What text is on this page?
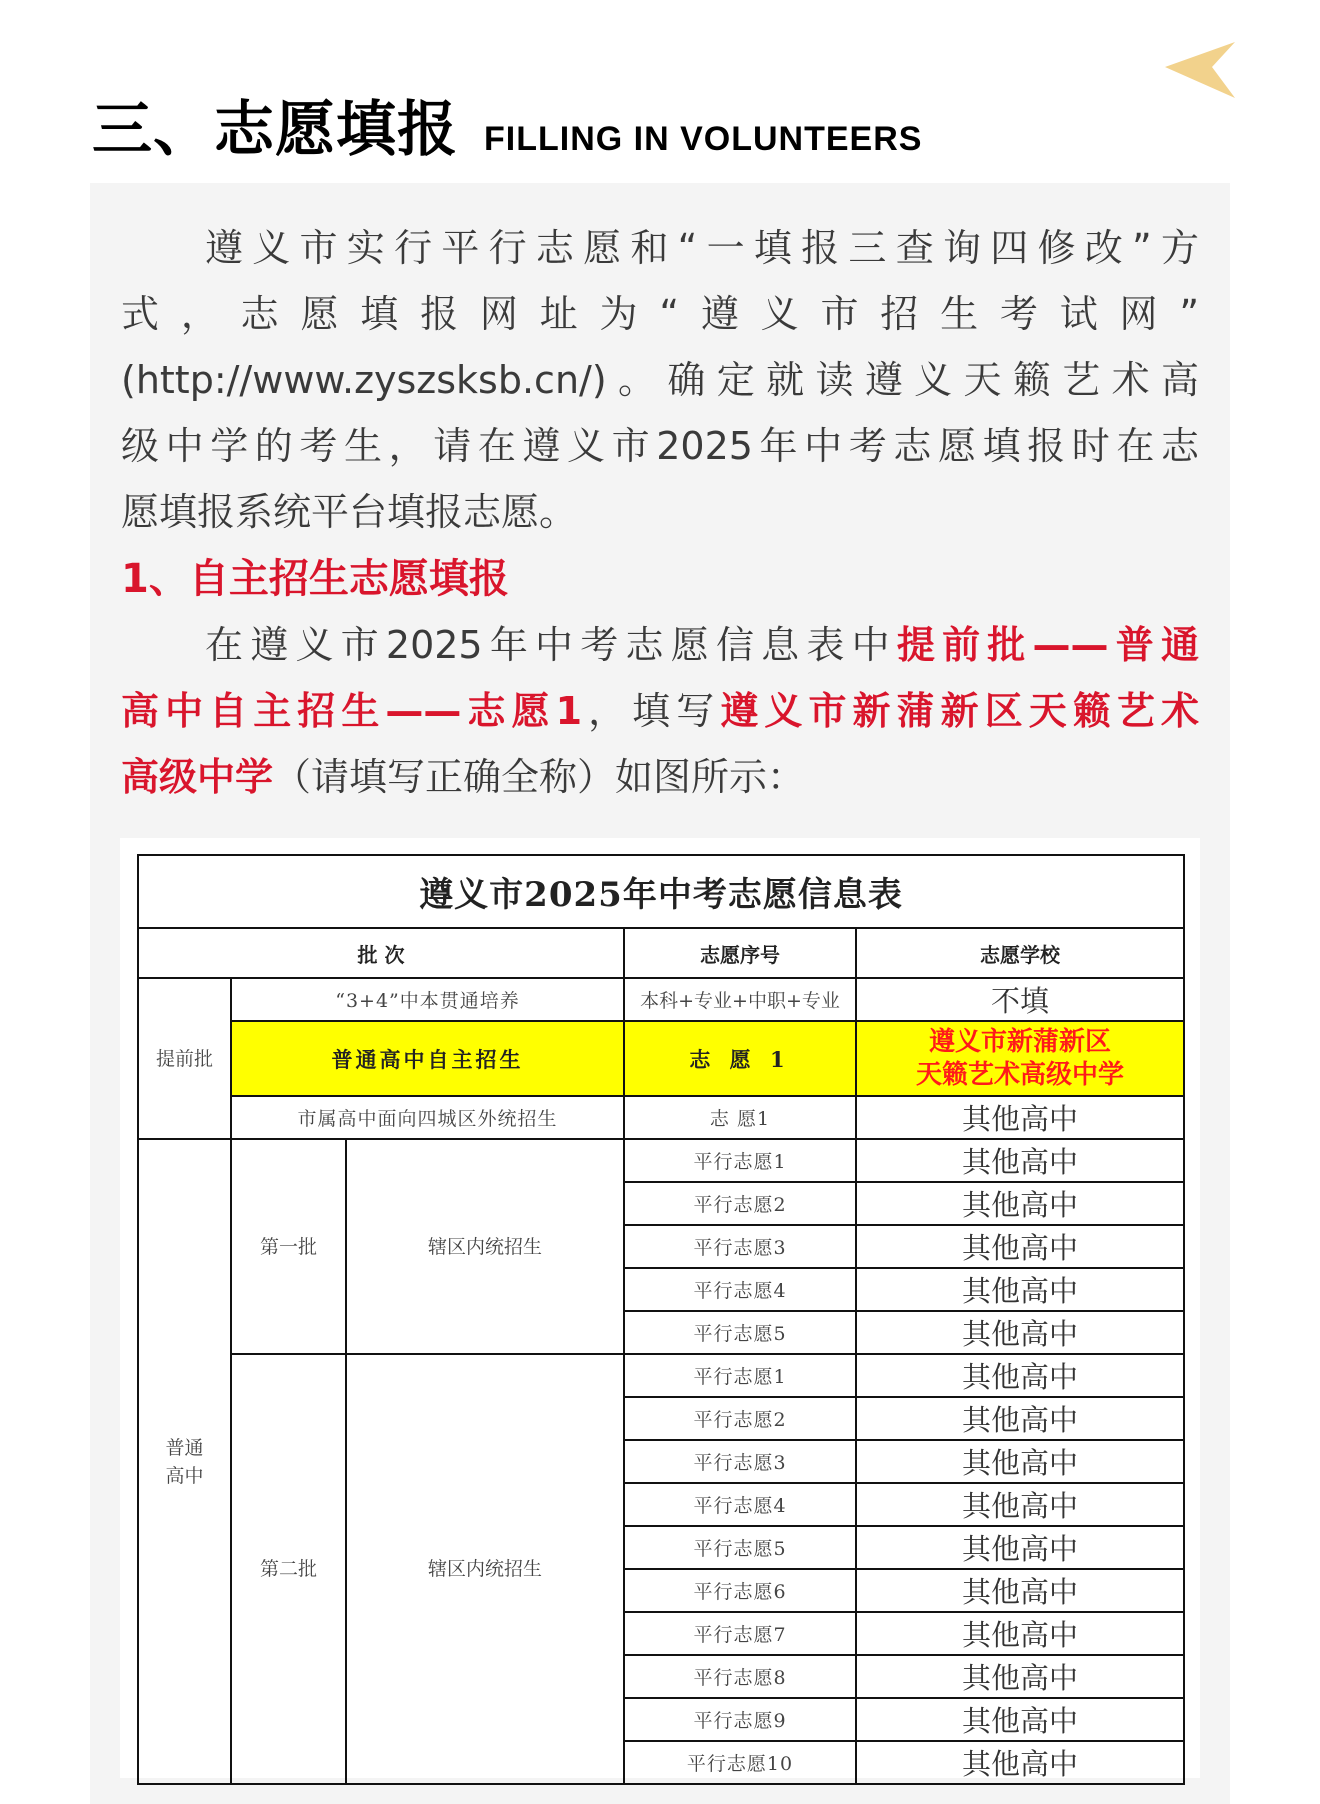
三、志愿填报 FILLING IN VOLUNTEERS
遵义市实行平行志愿和“一填报三查询四修改”方
式，志愿填报网址为“遵义市招生考试网”
(http://www.zyszsksb.cn/)。确定就读遵义天籁艺术高
级中学的考生，请在遵义市2025年中考志愿填报时在志
愿填报系统平台填报志愿。
1、自主招生志愿填报
在遵义市2025年中考志愿信息表中提前批——普通
高中自主招生——志愿1，填写遵义市新蒲新区天籁艺术
高级中学（请填写正确全称）如图所示：
遵义市2025年中考志愿信息表				
批 次			志愿序号	志愿学校
提前批	“3+4”中本贯通培养		本科+专业+中职+专业	不填
	普通高中自主招生		志 愿 1	遵义市新蒲新区
天籁艺术高级中学

	市属高中面向四城区外统招生		志 愿1	其他高中

普通
高中	第一批	辖区内统招生	平行志愿1	其他高中
			平行志愿2	其他高中
			平行志愿3	其他高中
			平行志愿4	其他高中
			平行志愿5	其他高中
	第二批	辖区内统招生	平行志愿1	其他高中
			平行志愿2	其他高中
			平行志愿3	其他高中
			平行志愿4	其他高中
			平行志愿5	其他高中
			平行志愿6	其他高中
			平行志愿7	其他高中
			平行志愿8	其他高中
			平行志愿9	其他高中
			平行志愿10	其他高中
